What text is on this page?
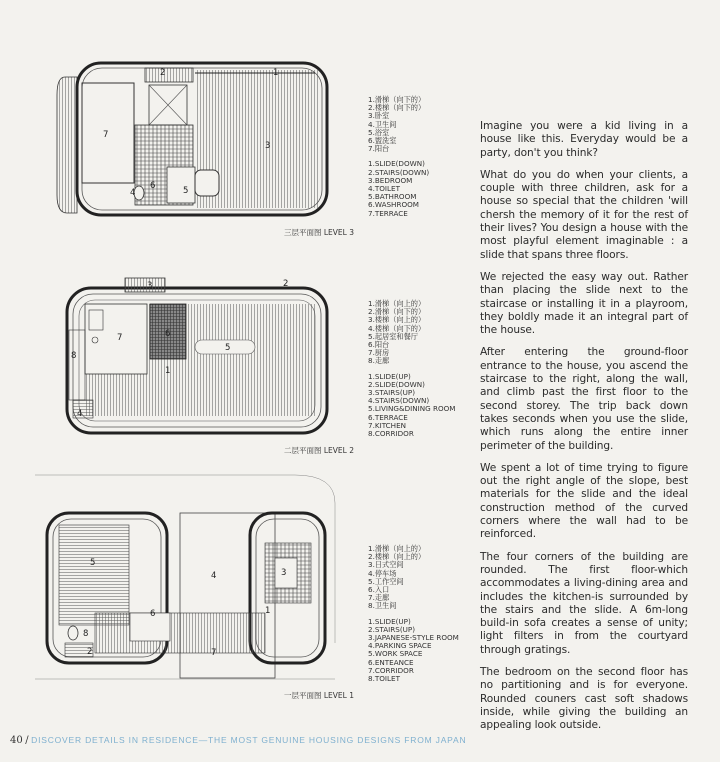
1
2
3
4	5
6
7
1.滑梯（向下的）
2.楼梯（向下的）
3.卧室
4.卫生间
5.浴室
6.盥洗室
7.阳台
1.SLIDE(DOWN)
2.STAIRS(DOWN)
3.BEDROOM
4.TOILET
5.BATHROOM
6.WASHROOM
7.TERRACE
三层平面图 LEVEL 3
1
2
3
4
5
6
7
8
1.滑梯（向上的）
2.滑梯（向下的）
3.楼梯（向上的）
4.楼梯（向下的）
5.起居室和餐厅
6.阳台
7.厨房
8.走廊
1.SLIDE(UP)
2.SLIDE(DOWN)
3.STAIRS(UP)
4.STAIRS(DOWN)
5.LIVING&DINING ROOM
6.TERRACE
7.KITCHEN
8.CORRIDOR
二层平面图 LEVEL 2
1
2
3
4
5
6
7
8
1.滑梯（向上的）
2.楼梯（向上的）
3.日式空间
4.停车场
5.工作空间
6.入口
7.走廊
8.卫生间
1.SLIDE(UP)
2.STAIRS(UP)
3.JAPANESE-STYLE ROOM
4.PARKING SPACE
5.WORK SPACE
6.ENTEANCE
7.CORRIDOR
8.TOILET
一层平面图 LEVEL 1

Imagine you were a kid living in a house like this. Everyday would be a party, don't you think?

What do you do when your clients, a couple with three children, ask for a house so special that the children 'will chersh the memory of it for the rest of their lives? You design a house with the most playful element imaginable : a slide that spans three floors.

We rejected the easy way out. Rather than placing the slide next to the staircase or installing it in a playroom, they boldly made it an integral part of the house.

After entering the ground-floor entrance to the house, you ascend the staircase to the right, along the wall, and climb past the first floor to the second storey. The trip back down takes seconds when you use the slide, which runs along the entire inner perimeter of the building.

We spent a lot of time trying to figure out the right angle of the slope, best materials for the slide and the ideal construction method of the curved corners where the wall had to be reinforced.

The four corners of the building are rounded. The first floor-which accommodates a living-dining area and includes the kitchen-is surrounded by the stairs and the slide. A 6m-long build-in sofa creates a sense of unity; light filters in from the courtyard through gratings.

The bedroom on the second floor has no partitioning and is for everyone. Rounded couners cast soft shadows inside, while giving the building an appealing look outside.

40 / DISCOVER DETAILS IN RESIDENCE—THE MOST GENUINE HOUSING DESIGNS FROM JAPAN
